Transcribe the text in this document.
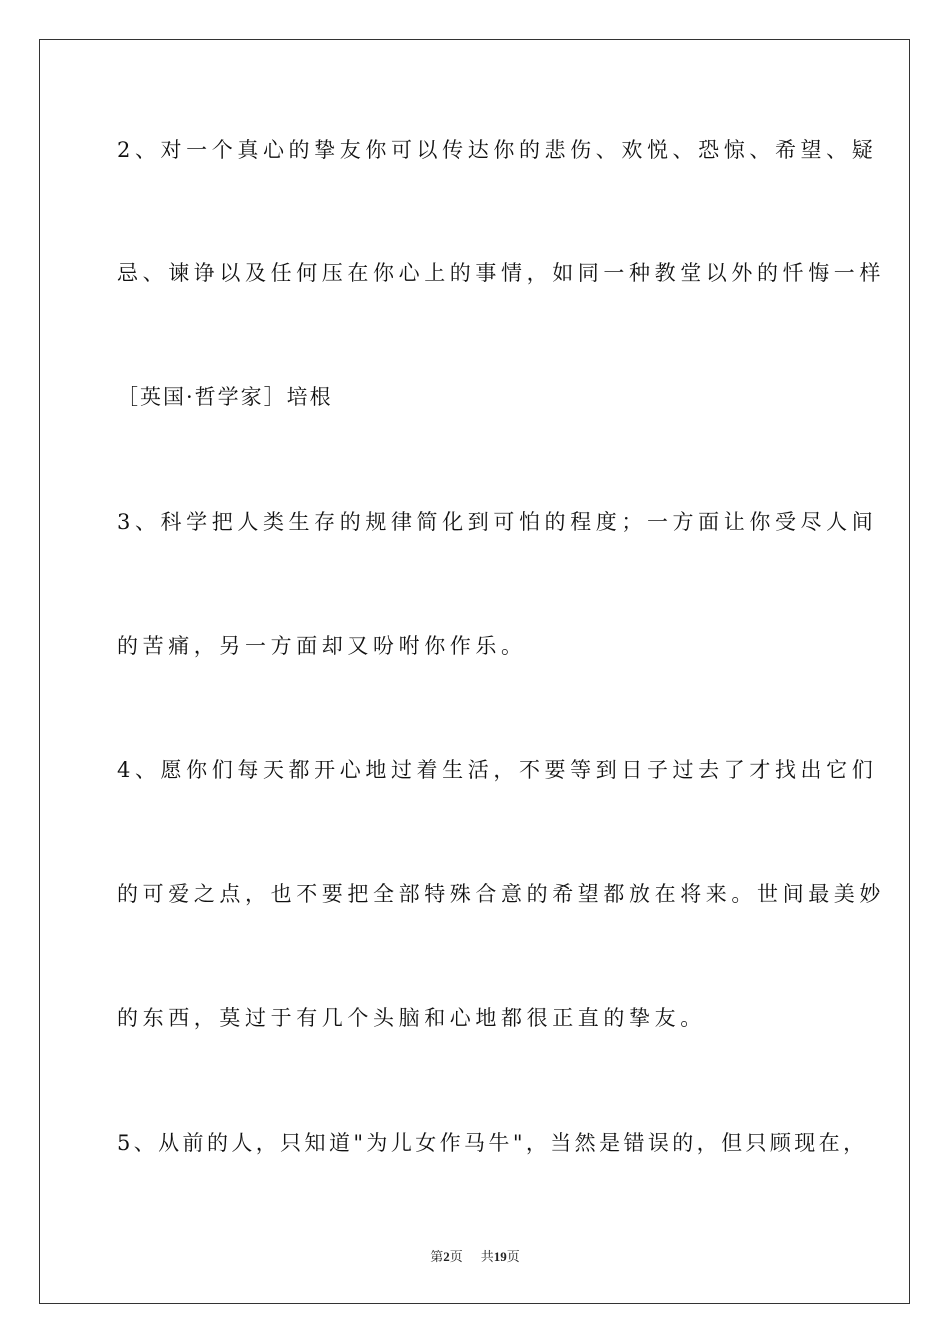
2、对一个真心的挚友你可以传达你的悲伤、欢悦、恐惊、希望、疑
忌、谏诤以及任何压在你心上的事情，如同一种教堂以外的忏悔一样
［英国·哲学家］培根
3、科学把人类生存的规律简化到可怕的程度；一方面让你受尽人间
的苦痛，另一方面却又吩咐你作乐。
4、愿你们每天都开心地过着生活，不要等到日子过去了才找出它们
的可爱之点，也不要把全部特殊合意的希望都放在将来。世间最美妙
的东西，莫过于有几个头脑和心地都很正直的挚友。
5、从前的人，只知道"为儿女作马牛"，当然是错误的，但只顾现在，
第2页 共19页
